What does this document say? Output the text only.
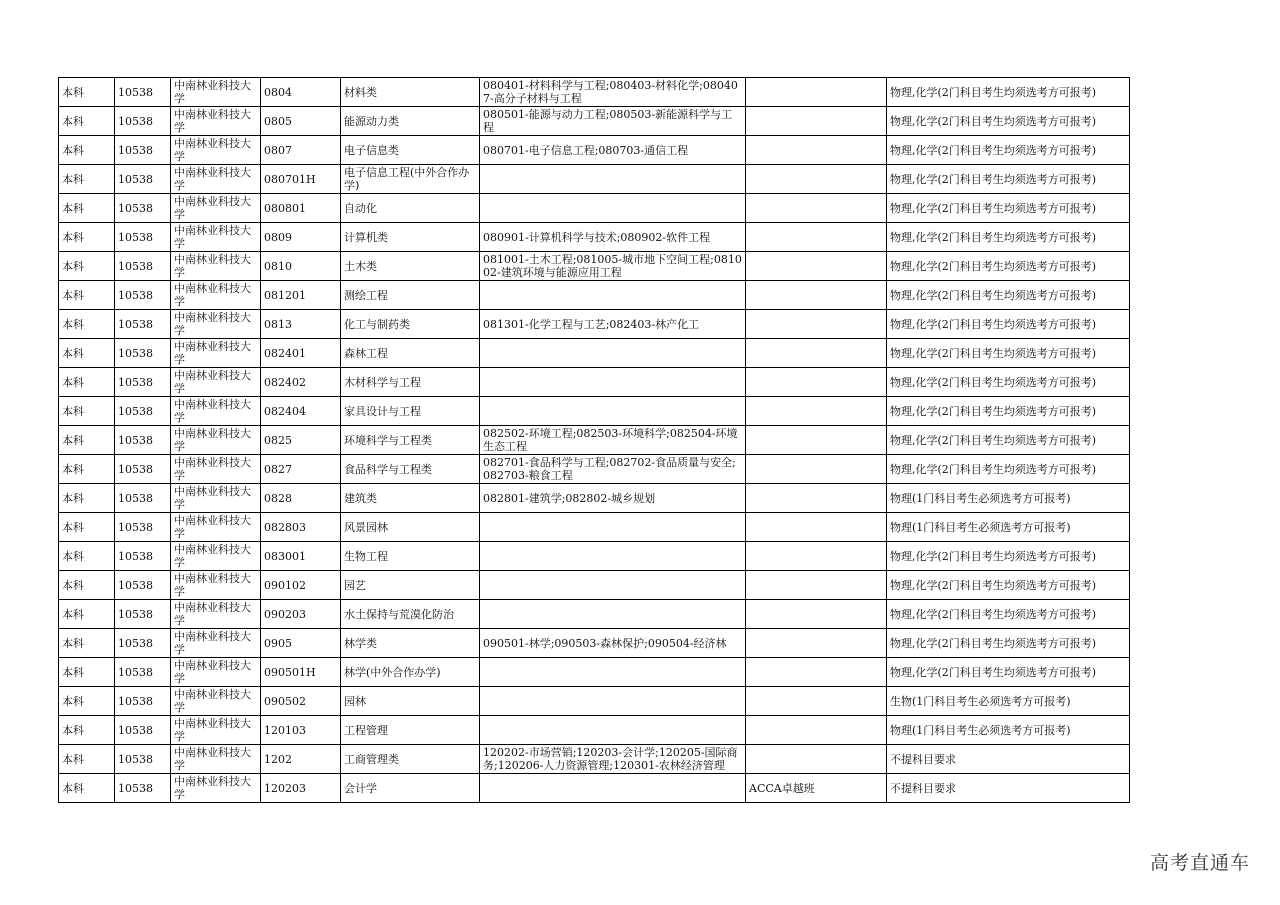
本科	10538	中南林业科技大学	0804	材料类	080401-材料科学与工程;080403-材料化学;080407-高分子材料与工程		物理,化学(2门科目考生均须选考方可报考)
本科	10538	中南林业科技大学	0805	能源动力类	080501-能源与动力工程;080503-新能源科学与工程		物理,化学(2门科目考生均须选考方可报考)
本科	10538	中南林业科技大学	0807	电子信息类	080701-电子信息工程;080703-通信工程		物理,化学(2门科目考生均须选考方可报考)
本科	10538	中南林业科技大学	080701H	电子信息工程(中外合作办学)			物理,化学(2门科目考生均须选考方可报考)
本科	10538	中南林业科技大学	080801	自动化			物理,化学(2门科目考生均须选考方可报考)
本科	10538	中南林业科技大学	0809	计算机类	080901-计算机科学与技术;080902-软件工程		物理,化学(2门科目考生均须选考方可报考)
本科	10538	中南林业科技大学	0810	土木类	081001-土木工程;081005-城市地下空间工程;081002-建筑环境与能源应用工程		物理,化学(2门科目考生均须选考方可报考)
本科	10538	中南林业科技大学	081201	测绘工程			物理,化学(2门科目考生均须选考方可报考)
本科	10538	中南林业科技大学	0813	化工与制药类	081301-化学工程与工艺;082403-林产化工		物理,化学(2门科目考生均须选考方可报考)
本科	10538	中南林业科技大学	082401	森林工程			物理,化学(2门科目考生均须选考方可报考)
本科	10538	中南林业科技大学	082402	木材科学与工程			物理,化学(2门科目考生均须选考方可报考)
本科	10538	中南林业科技大学	082404	家具设计与工程			物理,化学(2门科目考生均须选考方可报考)
本科	10538	中南林业科技大学	0825	环境科学与工程类	082502-环境工程;082503-环境科学;082504-环境生态工程		物理,化学(2门科目考生均须选考方可报考)
本科	10538	中南林业科技大学	0827	食品科学与工程类	082701-食品科学与工程;082702-食品质量与安全;082703-粮食工程		物理,化学(2门科目考生均须选考方可报考)
本科	10538	中南林业科技大学	0828	建筑类	082801-建筑学;082802-城乡规划		物理(1门科目考生必须选考方可报考)
本科	10538	中南林业科技大学	082803	风景园林			物理(1门科目考生必须选考方可报考)
本科	10538	中南林业科技大学	083001	生物工程			物理,化学(2门科目考生均须选考方可报考)
本科	10538	中南林业科技大学	090102	园艺			物理,化学(2门科目考生均须选考方可报考)
本科	10538	中南林业科技大学	090203	水土保持与荒漠化防治			物理,化学(2门科目考生均须选考方可报考)
本科	10538	中南林业科技大学	0905	林学类	090501-林学;090503-森林保护;090504-经济林		物理,化学(2门科目考生均须选考方可报考)
本科	10538	中南林业科技大学	090501H	林学(中外合作办学)			物理,化学(2门科目考生均须选考方可报考)
本科	10538	中南林业科技大学	090502	园林			生物(1门科目考生必须选考方可报考)
本科	10538	中南林业科技大学	120103	工程管理			物理(1门科目考生必须选考方可报考)
本科	10538	中南林业科技大学	1202	工商管理类	120202-市场营销;120203-会计学;120205-国际商务;120206-人力资源管理;120301-农林经济管理		不提科目要求
本科	10538	中南林业科技大学	120203	会计学		ACCA卓越班	不提科目要求
高考直通车
